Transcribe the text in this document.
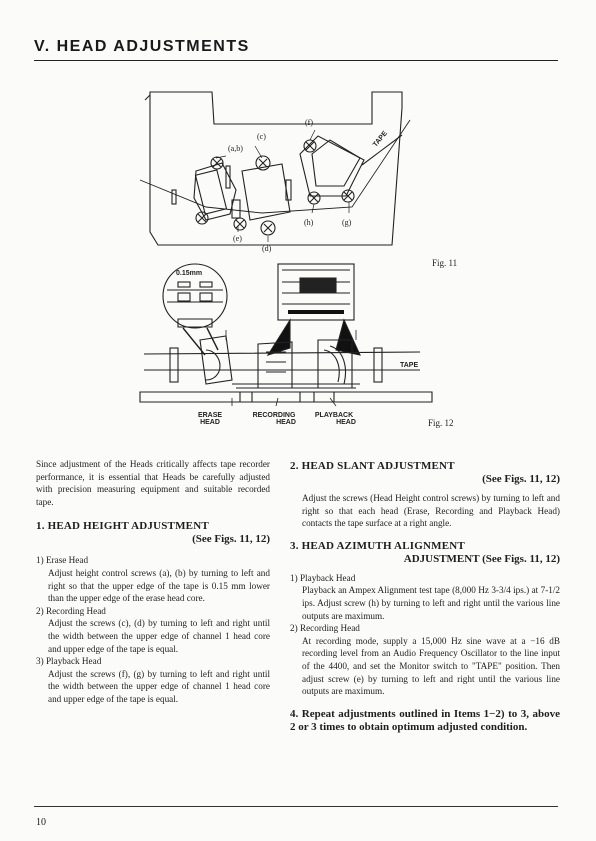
V. HEAD ADJUSTMENTS
(f)
(c)
(a,b)
TAPE
(e)
(h)	(g)
(d)
Fig. 11
0.15mm
TAPE
ERASE
HEAD
RECORDING
HEAD
PLAYBACK
HEAD	Fig. 12

Since adjustment of the Heads critically affects tape recorder performance, it is essential that Heads be carefully adjusted with precision measuring equipment and suitable recorded tape.

1. HEAD HEIGHT ADJUSTMENT
(See Figs. 11, 12)
1) Erase Head

Adjust height control screws (a), (b) by turning to left and right so that the upper edge of the tape is 0.15 mm lower than the upper edge of the erase head core.

2) Recording Head

Adjust the screws (c), (d) by turning to left and right until the width between the upper edge of channel 1 head core and upper edge of the tape is equal.

3) Playback Head

Adjust the screws (f), (g) by turning to left and right until the width between the upper edge of channel 1 head core and upper edge of the tape is equal.

2. HEAD SLANT ADJUSTMENT
(See Figs. 11, 12)

Adjust the screws (Head Height control screws) by turning to left and right so that each head (Erase, Recording and Playback Head) contacts the tape surface at a right angle.

3. HEAD AZIMUTH ALIGNMENT
ADJUSTMENT (See Figs. 11, 12)
1) Playback Head

Playback an Ampex Alignment test tape (8,000 Hz 3-3/4 ips.) at 7-1/2 ips. Adjust screw (h) by turning to left and right until the various line outputs are maximum.

2) Recording Head

At recording mode, supply a 15,000 Hz sine wave at a −16 dB recording level from an Audio Frequency Oscillator to the line input of the 4400, and set the Monitor switch to "TAPE" position. Then adjust screw (e) by turning to left and right until the various line outputs are maximum.

4. Repeat adjustments outlined in Items 1−2) to 3, above 2 or 3 times to obtain optimum adjusted condition.

10
